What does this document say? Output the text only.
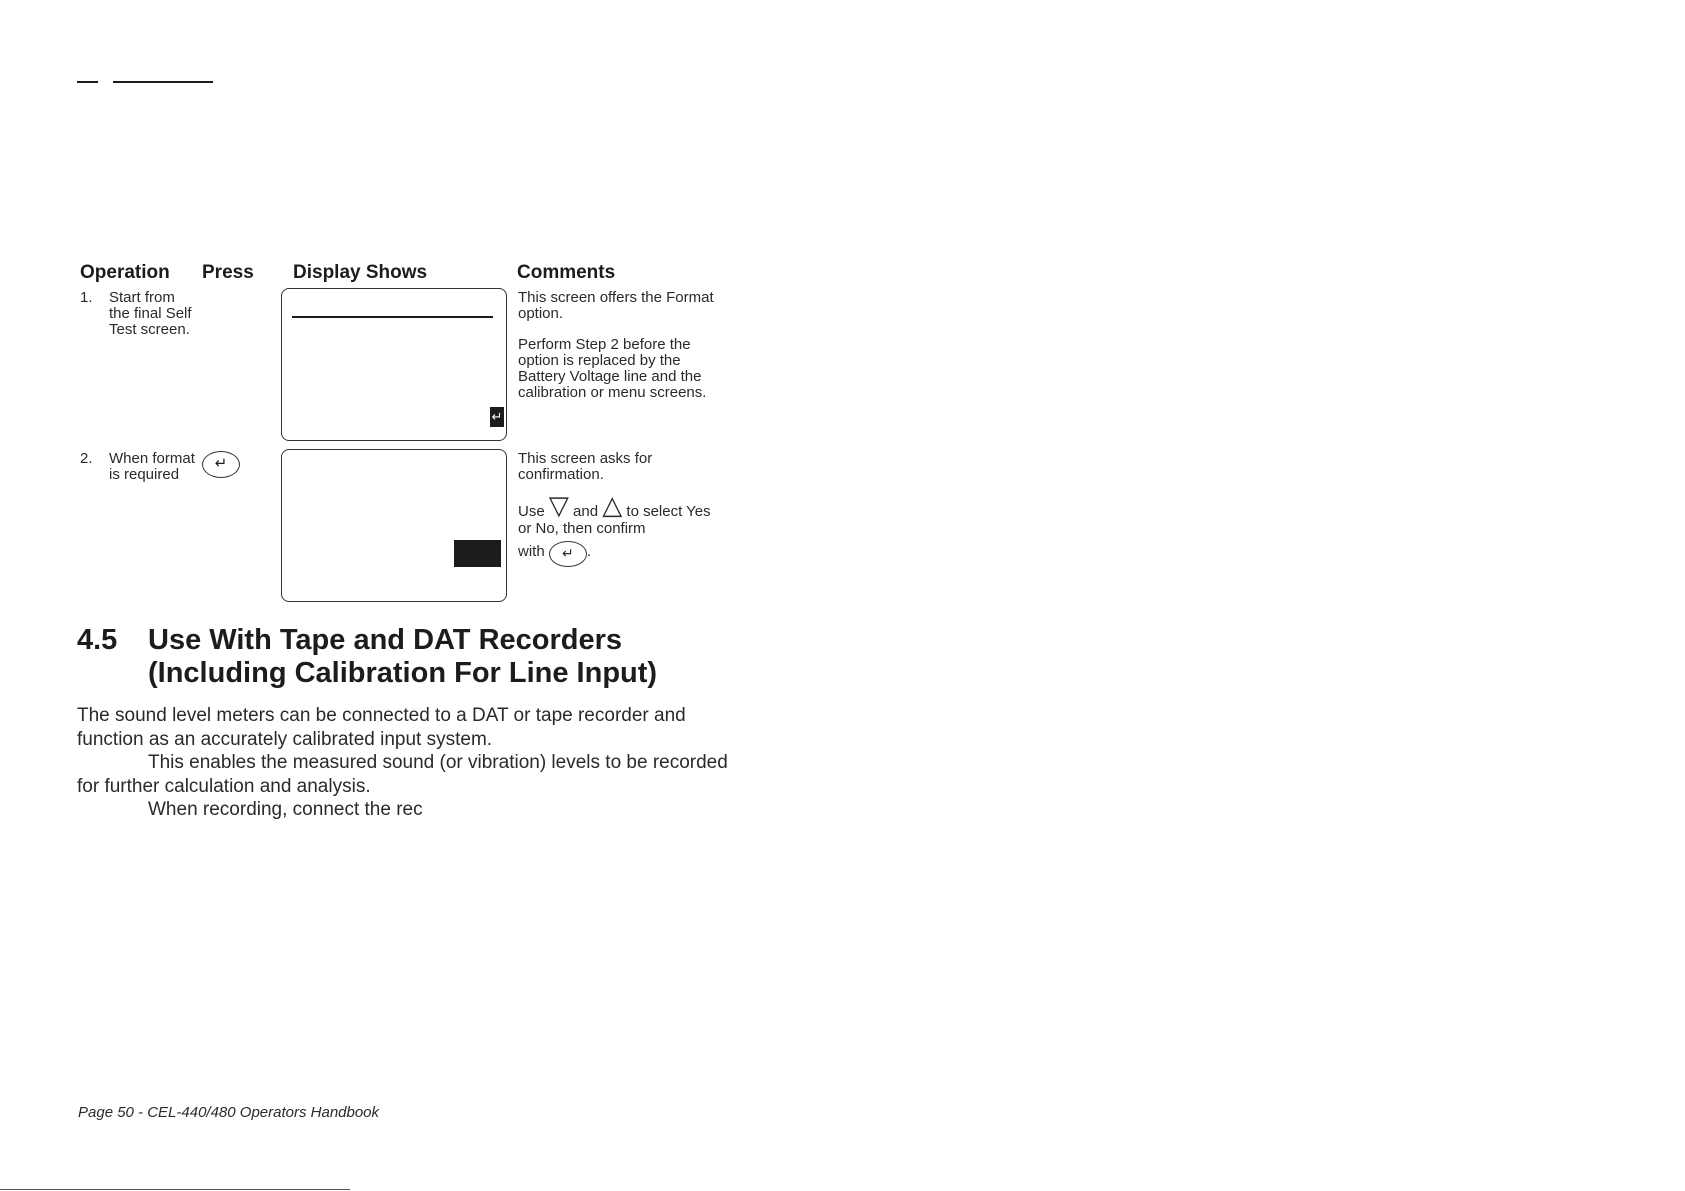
Operation Press Display Shows	Comments
1. Start from the final Self Test screen.
↵
This screen offers the Format option.
Perform Step 2 before the option is replaced by the Battery Voltage line and the calibration or menu screens.
2. When format is required
↵	This screen asks for confirmation.
Use ▽ and △ to select Yes or No, then confirm
with ↵ .
4.5 Use With Tape and DAT Recorders
(Including Calibration For Line Input)

The sound level meters can be connected to a DAT or tape recorder and function as an accurately calibrated input system.

This enables the measured sound (or vibration) levels to be recorded for further calculation and analysis.

When recording, connect the rec

Page 50 - CEL-440/480 Operators Handbook
